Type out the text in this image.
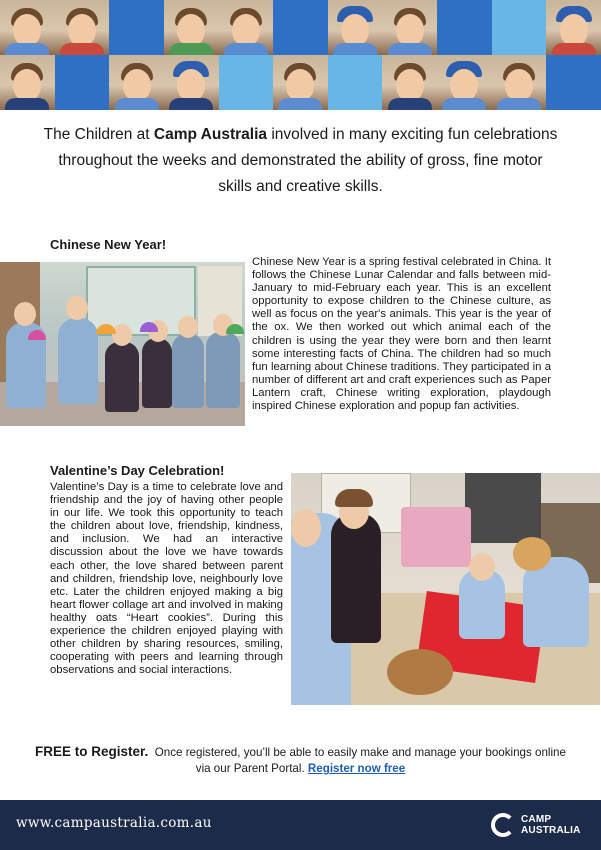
The Children at Camp Australia involved in many exciting fun celebrations throughout the weeks and demonstrated the ability of gross, fine motor skills and creative skills.

Chinese New Year!

Chinese New Year is a spring festival celebrated in China. It follows the Chinese Lunar Calendar and falls between mid-January to mid-February each year. This is an excellent opportunity to expose children to the Chinese culture, as well as focus on the year's animals. This year is the year of the ox. We then worked out which animal each of the children is using the year they were born and then learnt some interesting facts of China. The children had so much fun learning about Chinese traditions. They participated in a number of different art and craft experiences such as Paper Lantern craft, Chinese writing exploration, playdough inspired Chinese exploration and popup fan activities.

Valentine’s Day Celebration!

Valentine’s Day is a time to celebrate love and friendship and the joy of having other people in our life. We took this opportunity to teach the children about love, friendship, kindness, and inclusion. We had an interactive discussion about the love we have towards each other, the love shared between parent and children, friendship love, neighbourly love etc. Later the children enjoyed making a big heart flower collage art and involved in making healthy oats “Heart cookies”. During this experience the children enjoyed playing with other children by sharing resources, smiling, cooperating with peers and learning through observations and social interactions.

FREE to Register. Once registered, you’ll be able to easily make and manage your bookings online via our Parent Portal. Register now free
www.campaustralia.com.au	CAMP
AUSTRALIA
